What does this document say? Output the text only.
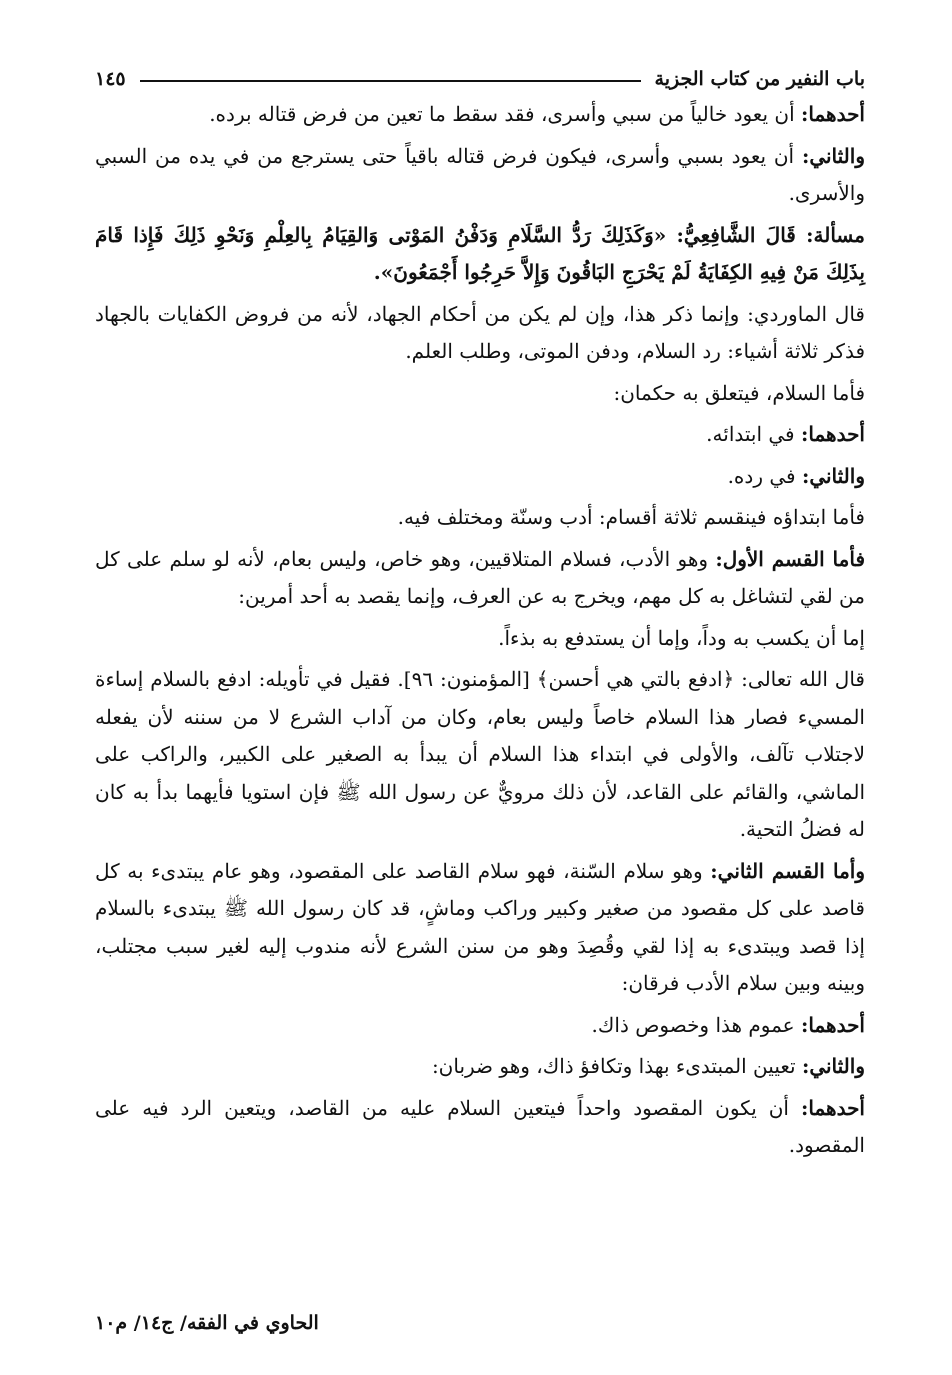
باب النفير من كتاب الجزية
١٤٥

أحدهما: أن يعود خالياً من سبي وأسرى، فقد سقط ما تعين من فرض قتاله برده.

والثاني: أن يعود بسبي وأسرى، فيكون فرض قتاله باقياً حتى يسترجع من في يده من السبي والأسرى.

مسألة: قَالَ الشَّافِعِيُّ: «وَكَذَلِكَ رَدُّ السَّلَامِ وَدَفْنُ المَوْتى وَالقِيَامُ بِالعِلْمِ وَنَحْوِ ذَلِكَ فَإِذا قَامَ بِذَلِكَ مَنْ فِيهِ الكِفَايَةُ لَمْ يَحْرَجِ البَاقُونَ وَإِلاَّ حَرِجُوا أَجْمَعُونَ».

قال الماوردي: وإنما ذكر هذا، وإن لم يكن من أحكام الجهاد، لأنه من فروض الكفايات بالجهاد فذكر ثلاثة أشياء: رد السلام، ودفن الموتى، وطلب العلم.

فأما السلام، فيتعلق به حكمان:

أحدهما: في ابتدائه.

والثاني: في رده.

فأما ابتداؤه فينقسم ثلاثة أقسام: أدب وسنّة ومختلف فيه.

فأما القسم الأول: وهو الأدب، فسلام المتلاقيين، وهو خاص، وليس بعام، لأنه لو سلم على كل من لقي لتشاغل به كل مهم، ويخرج به عن العرف، وإنما يقصد به أحد أمرين:

إما أن يكسب به وداً، وإما أن يستدفع به بذءاً.

قال الله تعالى: ﴿ادفع بالتي هي أحسن﴾ [المؤمنون: ٩٦]. فقيل في تأويله: ادفع بالسلام إساءة المسيء فصار هذا السلام خاصاً وليس بعام، وكان من آداب الشرع لا من سننه لأن يفعله لاجتلاب تآلف، والأولى في ابتداء هذا السلام أن يبدأ به الصغير على الكبير، والراكب على الماشي، والقائم على القاعد، لأن ذلك مرويٌّ عن رسول الله ﷺ فإن استويا فأيهما بدأ به كان له فضلُ التحية.

وأما القسم الثاني: وهو سلام السّنة، فهو سلام القاصد على المقصود، وهو عام يبتدىء به كل قاصد على كل مقصود من صغير وكبير وراكب وماشٍ، قد كان رسول الله ﷺ يبتدىء بالسلام إذا قصد ويبتدىء به إذا لقي وقُصِدَ وهو من سنن الشرع لأنه مندوب إليه لغير سبب مجتلب، وبينه وبين سلام الأدب فرقان:

أحدهما: عموم هذا وخصوص ذاك.

والثاني: تعيين المبتدىء بهذا وتكافؤ ذاك، وهو ضربان:

أحدهما: أن يكون المقصود واحداً فيتعين السلام عليه من القاصد، ويتعين الرد فيه على المقصود.

الحاوي في الفقه/ ج١٤/ م١٠
